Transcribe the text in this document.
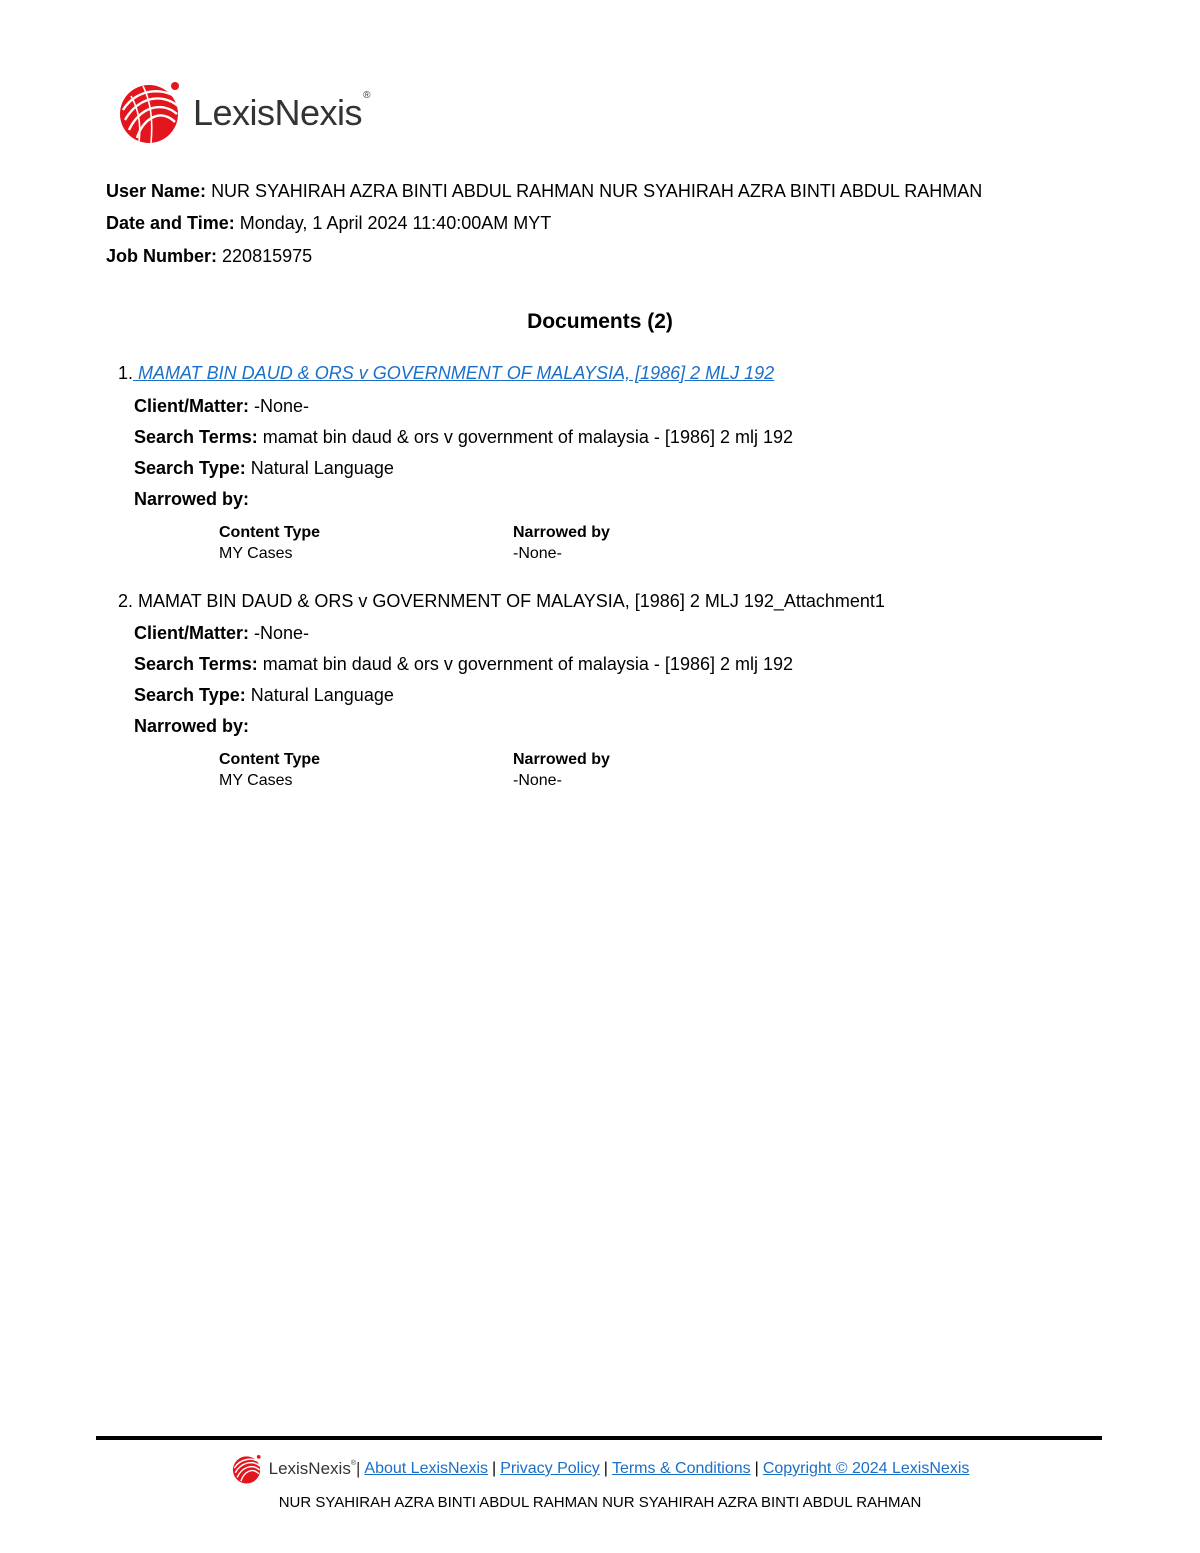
LexisNexis®
User Name: NUR SYAHIRAH AZRA BINTI ABDUL RAHMAN NUR SYAHIRAH AZRA BINTI ABDUL RAHMAN
Date and Time: Monday, 1 April 2024 11:40:00AM MYT
Job Number: 220815975
Documents (2)
1. MAMAT BIN DAUD & ORS v GOVERNMENT OF MALAYSIA, [1986] 2 MLJ 192
Client/Matter: -None-
Search Terms: mamat bin daud & ors v government of malaysia - [1986] 2 mlj 192
Search Type: Natural Language
Narrowed by:
Content Type
MY Cases
Narrowed by
-None-
2. MAMAT BIN DAUD & ORS v GOVERNMENT OF MALAYSIA, [1986] 2 MLJ 192_Attachment1
Client/Matter: -None-
Search Terms: mamat bin daud & ors v government of malaysia - [1986] 2 mlj 192
Search Type: Natural Language
Narrowed by:
Content Type
MY Cases
Narrowed by
-None-
LexisNexis®| About LexisNexis | Privacy Policy | Terms & Conditions | Copyright © 2024 LexisNexis
NUR SYAHIRAH AZRA BINTI ABDUL RAHMAN NUR SYAHIRAH AZRA BINTI ABDUL RAHMAN
